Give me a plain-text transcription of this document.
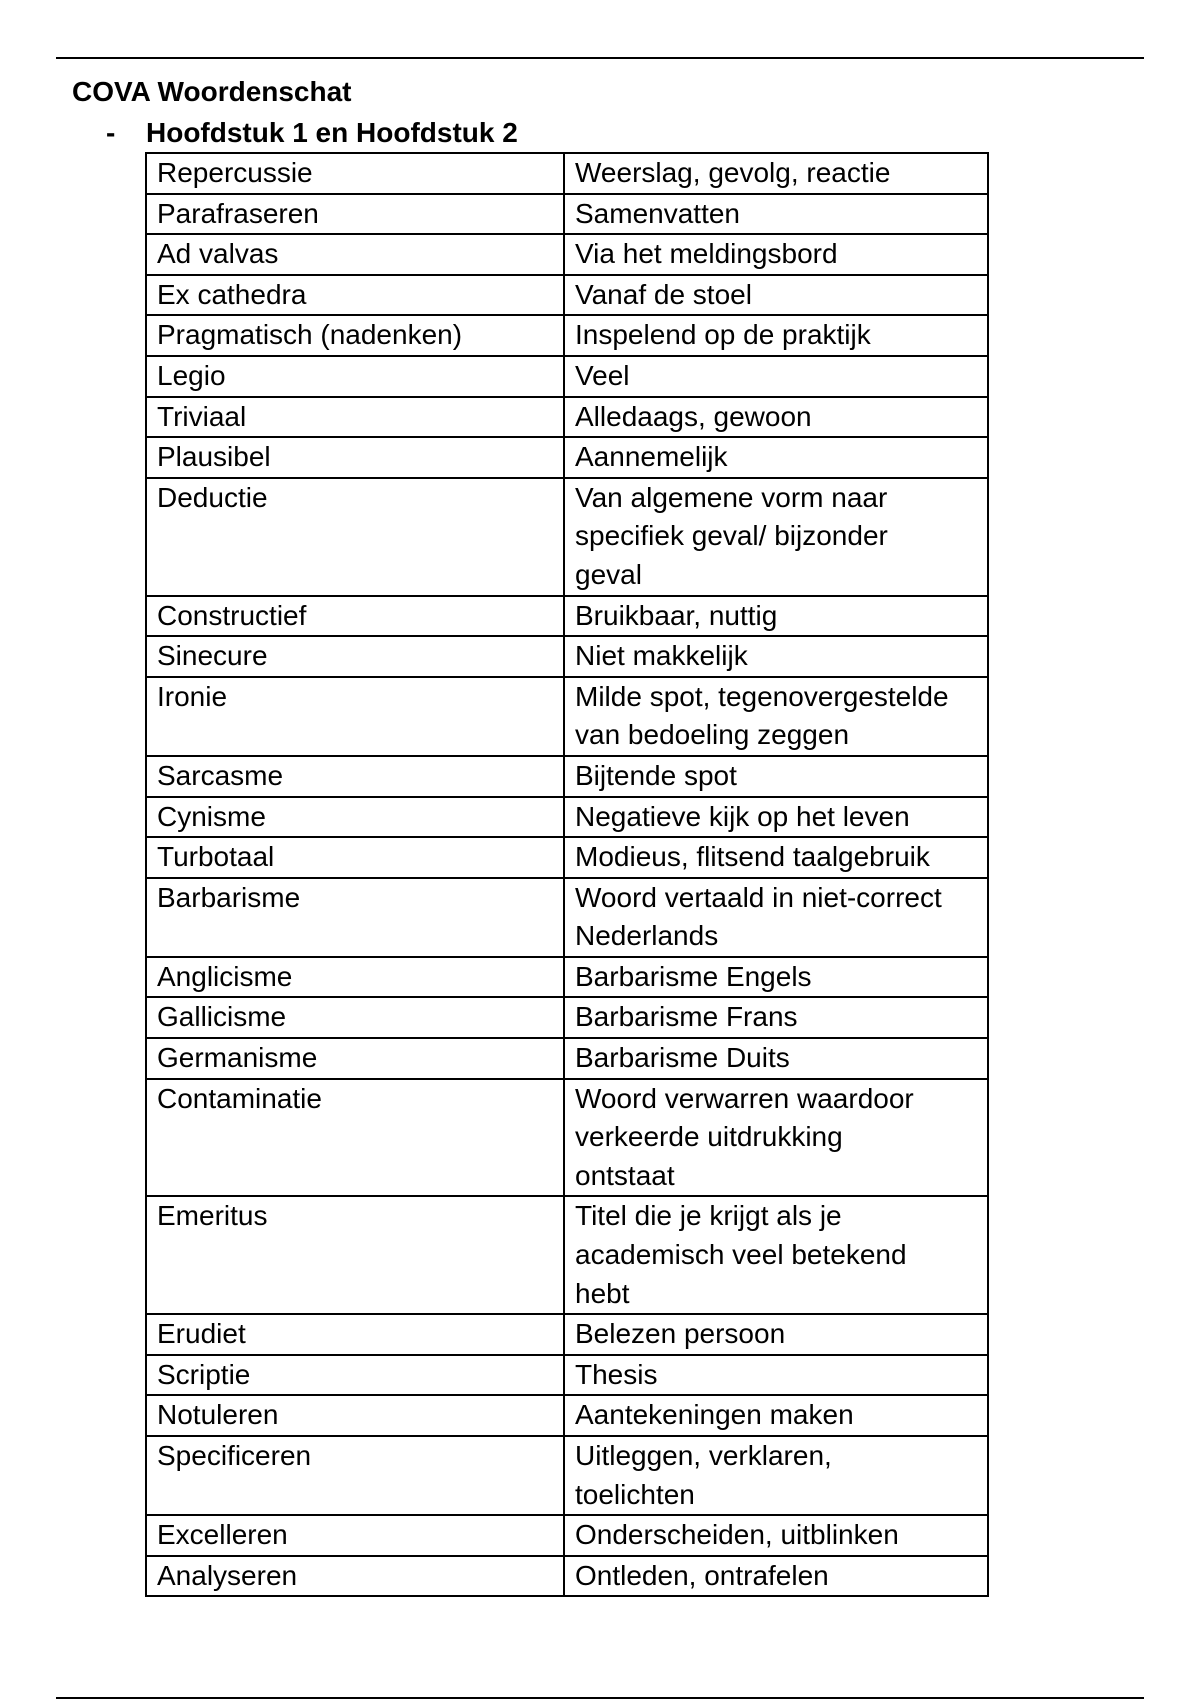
COVA Woordenschat
- Hoofdstuk 1 en Hoofdstuk 2
Repercussie	Weerslag, gevolg, reactie
Parafraseren	Samenvatten
Ad valvas	Via het meldingsbord
Ex cathedra	Vanaf de stoel
Pragmatisch (nadenken)	Inspelend op de praktijk
Legio	Veel
Triviaal	Alledaags, gewoon
Plausibel	Aannemelijk
Deductie	Van algemene vorm naar
specifiek geval/ bijzonder
geval
Constructief	Bruikbaar, nuttig
Sinecure	Niet makkelijk
Ironie	Milde spot, tegenovergestelde
van bedoeling zeggen
Sarcasme	Bijtende spot
Cynisme	Negatieve kijk op het leven
Turbotaal	Modieus, flitsend taalgebruik
Barbarisme	Woord vertaald in niet-correct
Nederlands
Anglicisme	Barbarisme Engels
Gallicisme	Barbarisme Frans
Germanisme	Barbarisme Duits
Contaminatie	Woord verwarren waardoor
verkeerde uitdrukking
ontstaat
Emeritus	Titel die je krijgt als je
academisch veel betekend
hebt
Erudiet	Belezen persoon
Scriptie	Thesis
Notuleren	Aantekeningen maken
Specificeren	Uitleggen, verklaren,
toelichten
Excelleren	Onderscheiden, uitblinken
Analyseren	Ontleden, ontrafelen
